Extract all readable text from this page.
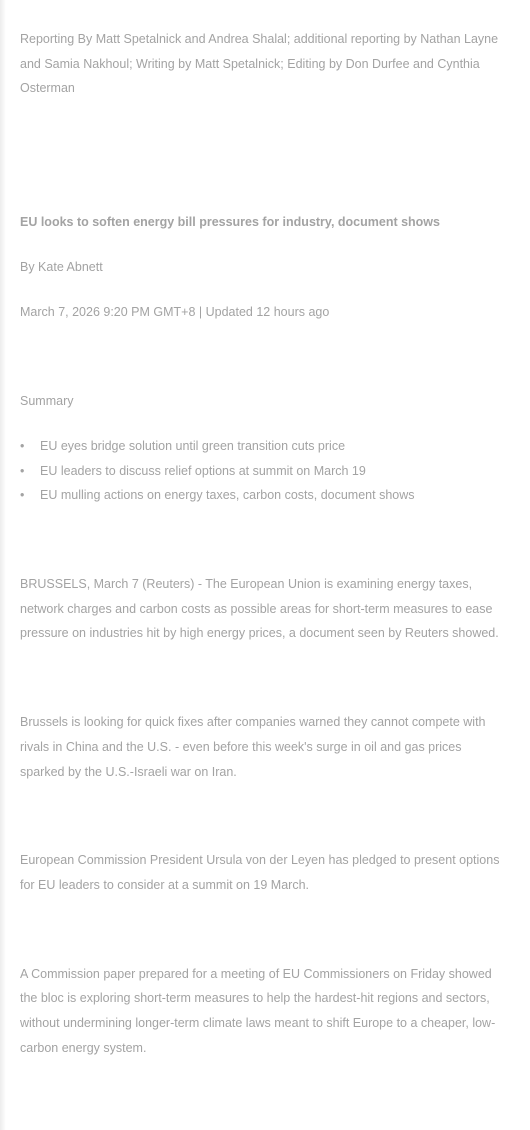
Reporting By Matt Spetalnick and Andrea Shalal; additional reporting by Nathan Layne and Samia Nakhoul; Writing by Matt Spetalnick; Editing by Don Durfee and Cynthia Osterman

EU looks to soften energy bill pressures for industry, document shows

By Kate Abnett

March 7, 2026 9:20 PM GMT+8 | Updated 12 hours ago

Summary

• EU eyes bridge solution until green transition cuts price
• EU leaders to discuss relief options at summit on March 19
• EU mulling actions on energy taxes, carbon costs, document shows

BRUSSELS, March 7 (Reuters) - The European Union is examining energy taxes, network charges and carbon costs as possible areas for short-term measures to ease pressure on industries hit by high energy prices, a document seen by Reuters showed.

Brussels is looking for quick fixes after companies warned they cannot compete with rivals in China and the U.S. - even before this week's surge in oil and gas prices sparked by the U.S.-Israeli war on Iran.

European Commission President Ursula von der Leyen has pledged to present options for EU leaders to consider at a summit on 19 March.

A Commission paper prepared for a meeting of EU Commissioners on Friday showed the bloc is exploring short-term measures to help the hardest-hit regions and sectors, without undermining longer-term climate laws meant to shift Europe to a cheaper, low-carbon energy system.
